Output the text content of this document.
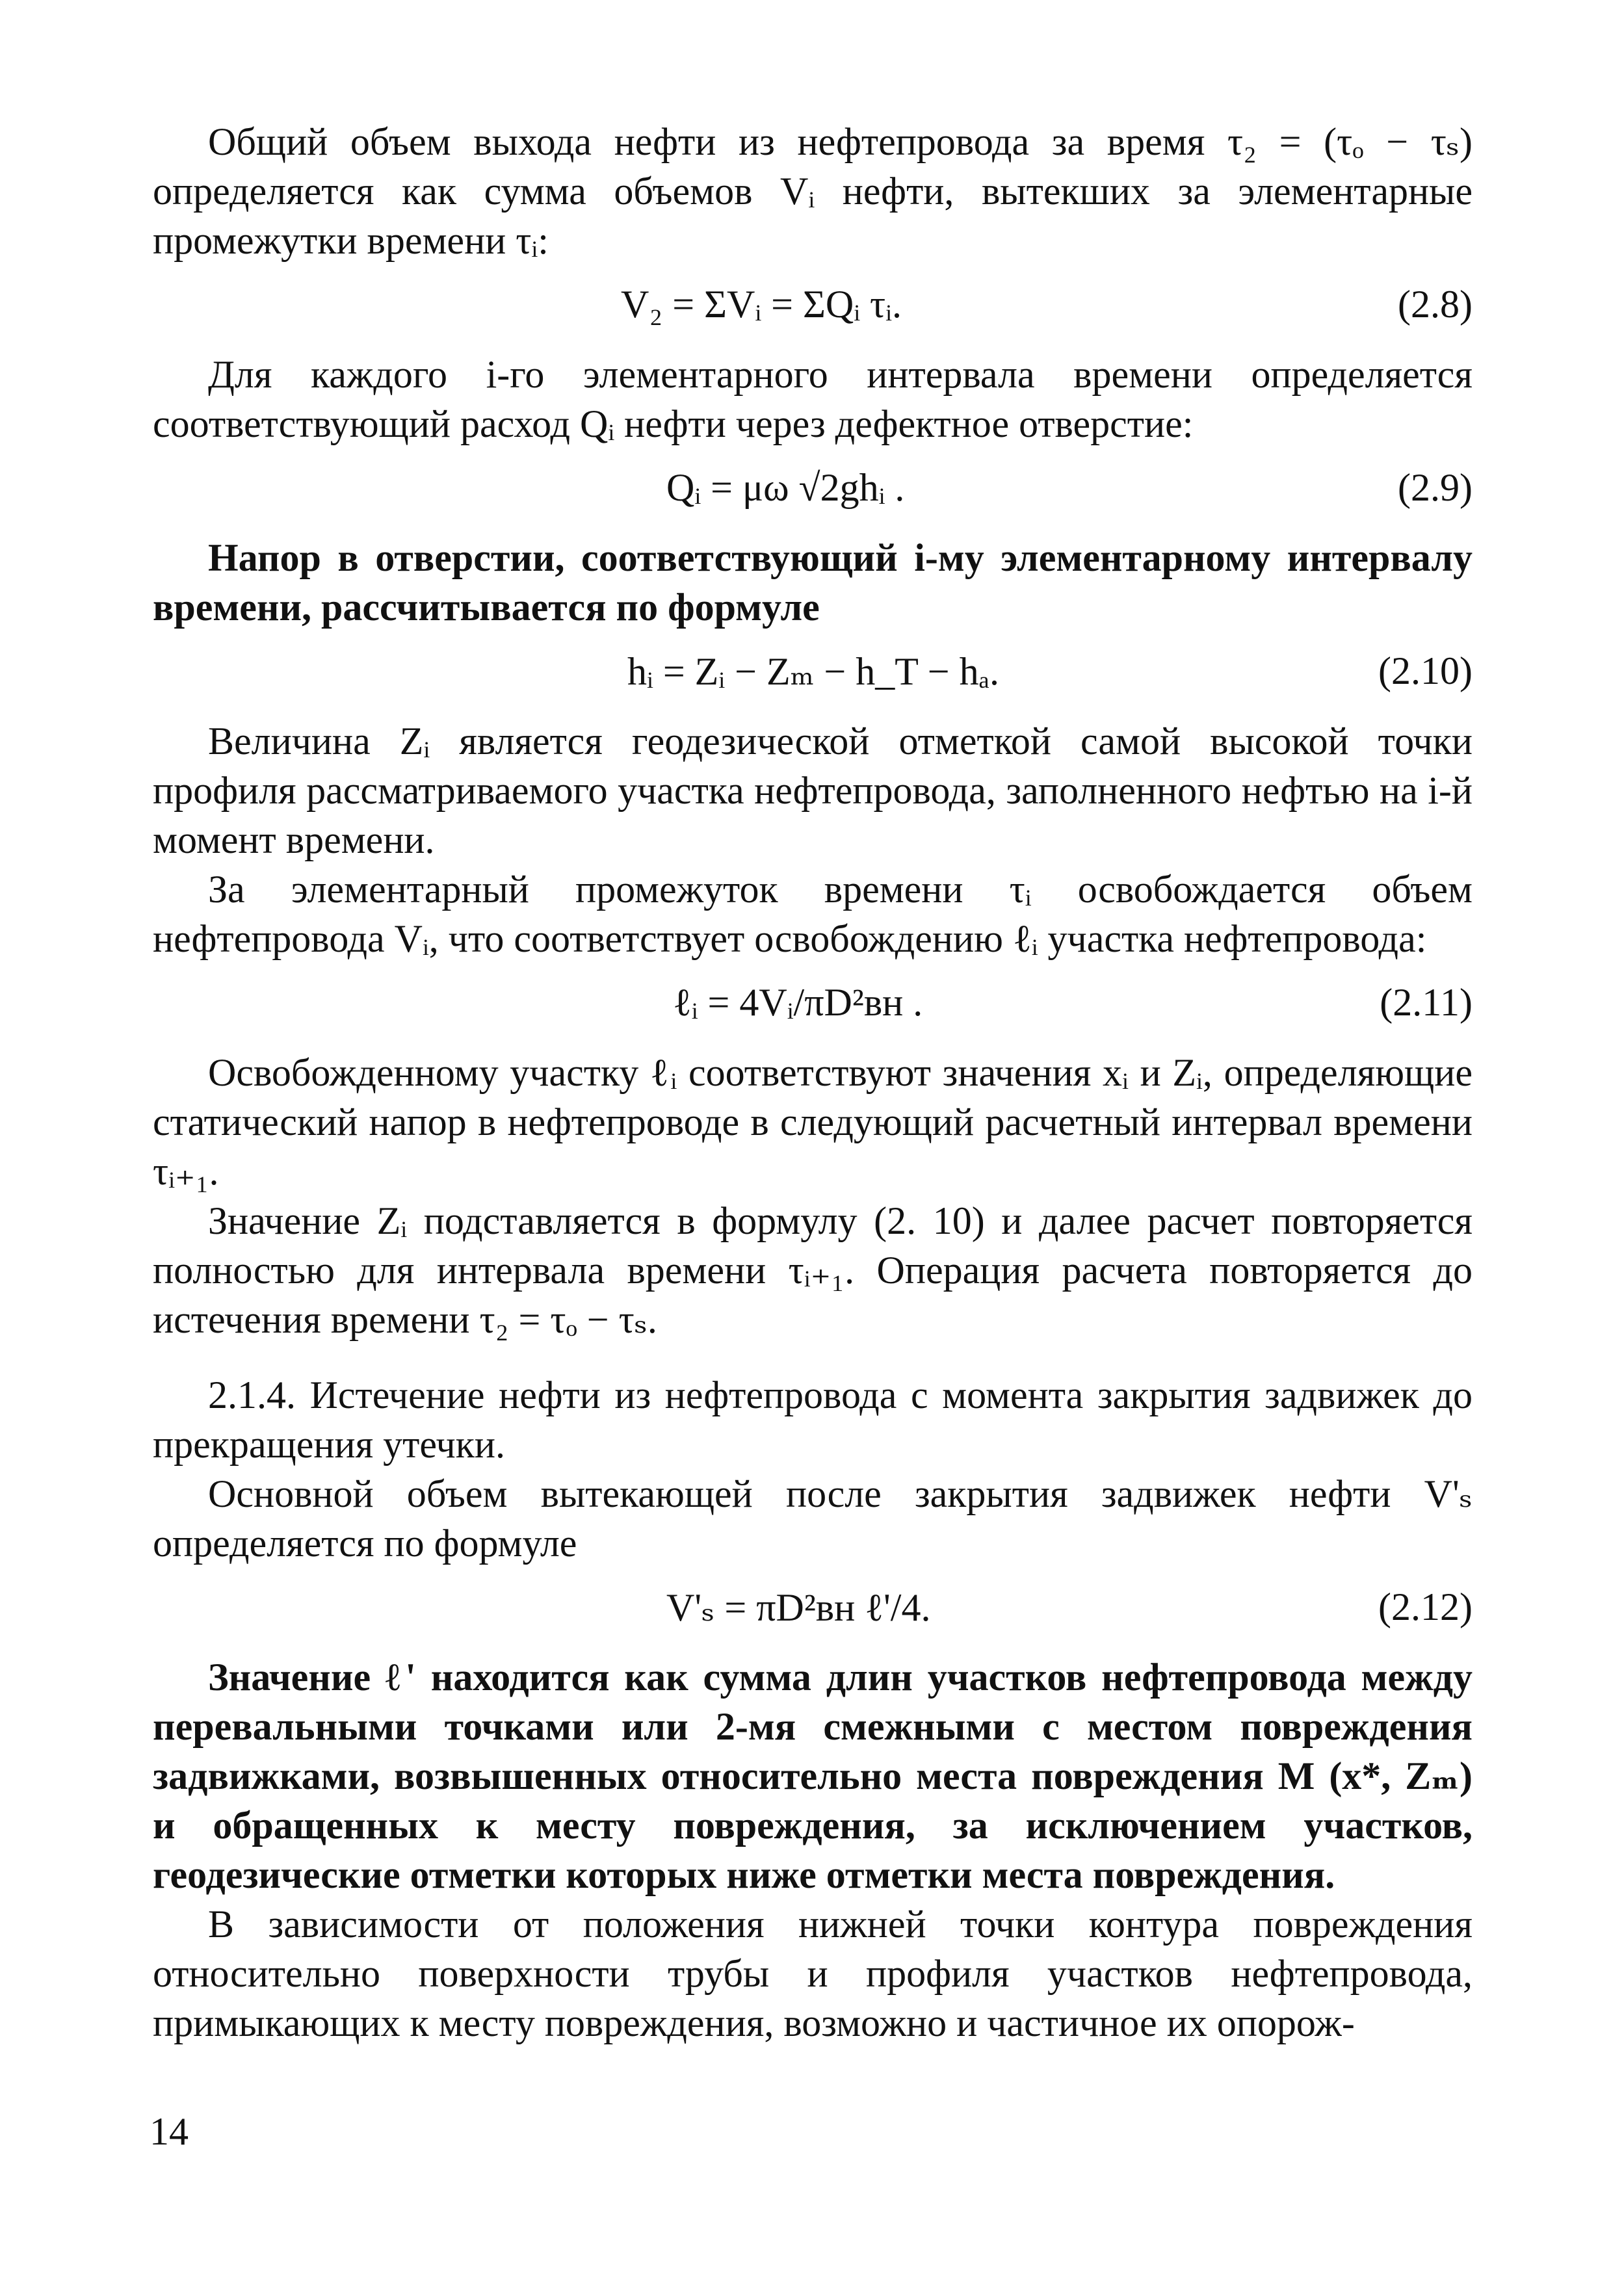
Общий объем выхода нефти из нефтепровода за время τ₂ = (τₒ − τₛ) определяется как сумма объемов Vᵢ нефти, вытекших за элементарные промежутки времени τᵢ:

V₂ = ΣVᵢ = ΣQᵢ τᵢ.	(2.8)

Для каждого i-го элементарного интервала времени определяется соответствующий расход Qᵢ нефти через дефектное отверстие:

Qᵢ = μω √2ghᵢ .	(2.9)

Напор в отверстии, соответствующий i-му элементарному интервалу времени, рассчитывается по формуле

hᵢ = Zᵢ − Zₘ − h_T − hₐ.	(2.10)

Величина Zᵢ является геодезической отметкой самой высокой точки профиля рассматриваемого участка нефтепровода, заполненного нефтью на i-й момент времени.

За элементарный промежуток времени τᵢ освобождается объем нефтепровода Vᵢ, что соответствует освобождению ℓᵢ участка нефтепровода:

ℓᵢ = 4Vᵢ/πD²вн .	(2.11)

Освобожденному участку ℓᵢ соответствуют значения xᵢ и Zᵢ, определяющие статический напор в нефтепроводе в следующий расчетный интервал времени τᵢ₊₁.

Значение Zᵢ подставляется в формулу (2. 10) и далее расчет повторяется полностью для интервала времени τᵢ₊₁. Операция расчета повторяется до истечения времени τ₂ = τₒ − τₛ.

2.1.4. Истечение нефти из нефтепровода с момента закрытия задвижек до прекращения утечки.

Основной объем вытекающей после закрытия задвижек нефти V'ₛ определяется по формуле

V'ₛ = πD²вн ℓ'/4.	(2.12)

Значение ℓ' находится как сумма длин участков нефтепровода между перевальными точками или 2-мя смежными с местом повреждения задвижками, возвышенных относительно места повреждения M (x*, Zₘ) и обращенных к месту повреждения, за исключением участков, геодезические отметки которых ниже отметки места повреждения.

В зависимости от положения нижней точки контура повреждения относительно поверхности трубы и профиля участков нефтепровода, примыкающих к месту повреждения, возможно и частичное их опорож-

14
